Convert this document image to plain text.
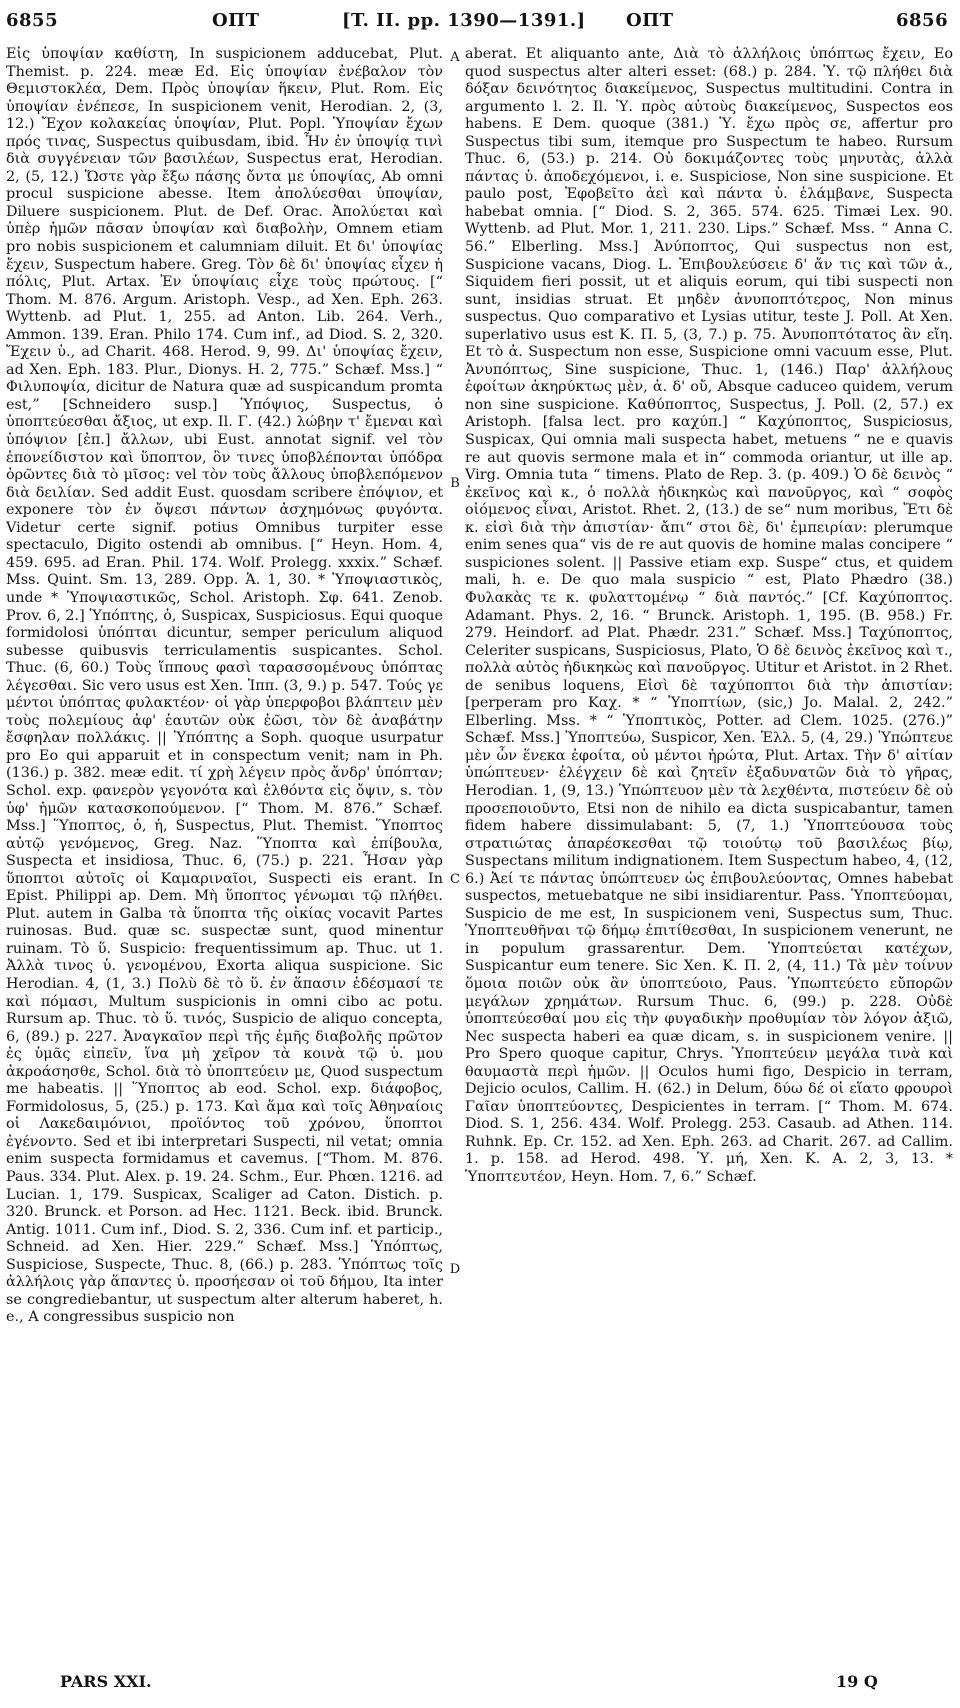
6855	ΟΠΤ	[T. II. pp. 1390—1391.] ΟΠΤ	6856

Εἰς ὑποψίαν καθίστη, In suspicionem adducebat, Plut. Themist. p. 224. meæ Ed. Εἰς ὑποψίαν ἐνέβαλον τὸν Θεμιστοκλέα, Dem. Πρὸς ὑποψίαν ἥκειν, Plut. Rom. Εἰς ὑποψίαν ἐνέπεσε, In suspicionem venit, Herodian. 2, (3, 12.) Ἔχον κολακείας ὑποψίαν, Plut. Popl. Ὑποψίαν ἔχων πρός τινας, Suspectus quibusdam, ibid. Ἦν ἐν ὑποψίᾳ τινὶ διὰ συγγένειαν τῶν βασιλέων, Suspectus erat, Herodian. 2, (5, 12.) Ὥστε γὰρ ἔξω πάσης ὄντα με ὑποψίας, Ab omni procul suspicione abesse. Item ἀπολύεσθαι ὑποψίαν, Diluere suspicionem. Plut. de Def. Orac. Ἀπολύεται καὶ ὑπὲρ ἡμῶν πᾶσαν ὑποψίαν καὶ διαβολὴν, Omnem etiam pro nobis suspicionem et calumniam diluit. Et δι' ὑποψίας ἔχειν, Suspectum habere. Greg. Τὸν δὲ δι' ὑποψίας εἶχεν ἡ πόλις, Plut. Artax. Ἐν ὑποψίαις εἶχε τοὺς πρώτους. [“ Thom. M. 876. Argum. Aristoph. Vesp., ad Xen. Eph. 263. Wyttenb. ad Plut. 1, 255. ad Anton. Lib. 264. Verh., Ammon. 139. Eran. Philo 174. Cum inf., ad Diod. S. 2, 320. Ἔχειν ὑ., ad Charit. 468. Herod. 9, 99. Δι' ὑποψίας ἔχειν, ad Xen. Eph. 183. Plur., Dionys. H. 2, 775.” Schæf. Mss.] “ Φιλυποψία, dicitur de Natura quæ ad suspicandum promta est,” [Schneidero susp.] Ὑπόψιος, Suspectus, ὁ ὑποπτεύεσθαι ἄξιος, ut exp. Il. Γ. (42.) λώβην τ' ἔμεναι καὶ ὑπόψιον [ἐπ.] ἄλλων, ubi Eust. annotat signif. vel τὸν ἐπονείδιστον καὶ ὕποπτον, ὃν τινες ὑποβλέπονται ὑπόδρα ὁρῶντες διὰ τὸ μῖσος: vel τὸν τοὺς ἄλλους ὑποβλεπόμενον διὰ δειλίαν. Sed addit Eust. quosdam scribere ἐπόψιον, et exponere τὸν ἐν ὄψεσι πάντων ἀσχημόνως φυγόντα. Videtur certe signif. potius Omnibus turpiter esse spectaculo, Digito ostendi ab omnibus. [“ Heyn. Hom. 4, 459. 695. ad Eran. Phil. 174. Wolf. Prolegg. xxxix.” Schæf. Mss. Quint. Sm. 13, 289. Opp. Ἁ. 1, 30. * Ὑποψιαστικὸς, unde * Ὑποψιαστικῶς, Schol. Aristoph. Σφ. 641. Zenob. Prov. 6, 2.] Ὑπόπτης, ὁ, Suspicax, Suspiciosus. Equi quoque formidolosi ὑπόπται dicuntur, semper periculum aliquod subesse quibusvis terriculamentis suspicantes. Schol. Thuc. (6, 60.) Τοὺς ἵππους φασὶ ταρασσομένους ὑπόπτας λέγεσθαι. Sic vero usus est Xen. Ἱππ. (3, 9.) p. 547. Τούς γε μέντοι ὑπόπτας φυλακτέον· οἱ γὰρ ὑπερφοβοι βλάπτειν μὲν τοὺς πολεμίους ἀφ' ἑαυτῶν οὐκ ἐῶσι, τὸν δὲ ἀναβάτην ἔσφηλαν πολλάκις. || Ὑπόπτης a Soph. quoque usurpatur pro Eo qui apparuit et in conspectum venit; nam in Ph. (136.) p. 382. meæ edit. τί χρὴ λέγειν πρὸς ἄνδρ' ὑπόπταν; Schol. exp. φανερὸν γεγονότα καὶ ἐλθόντα εἰς ὄψιν, s. τὸν ὑφ' ἡμῶν κατασκοπούμενον. [“ Thom. M. 876.” Schæf. Mss.] Ὕποπτος, ὁ, ἡ, Suspectus, Plut. Themist. Ὕποπτος αὐτῷ γενόμενος, Greg. Naz. Ὕποπτα καὶ ἐπίβουλα, Suspecta et insidiosa, Thuc. 6, (75.) p. 221. Ἦσαν γὰρ ὕποπτοι αὐτοῖς οἱ Καμαριναῖοι, Suspecti eis erant. In Epist. Philippi ap. Dem. Μὴ ὕποπτος γένωμαι τῷ πλήθει. Plut. autem in Galba τὰ ὕποπτα τῆς οἰκίας vocavit Partes ruinosas. Bud. quæ sc. suspectæ sunt, quod minentur ruinam. Τὸ ὕ. Suspicio: frequentissimum ap. Thuc. ut 1. Ἀλλὰ τινος ὑ. γενομένου, Exorta aliqua suspicione. Sic Herodian. 4, (1, 3.) Πολὺ δὲ τὸ ὕ. ἐν ἅπασιν ἐδέσμασί τε καὶ πόμασι, Multum suspicionis in omni cibo ac potu. Rursum ap. Thuc. τὸ ὕ. τινός, Suspicio de aliquo concepta, 6, (89.) p. 227. Ἀναγκαῖον περὶ τῆς ἐμῆς διαβολῆς πρῶτον ἐς ὑμᾶς εἰπεῖν, ἵνα μὴ χεῖρον τὰ κοινὰ τῷ ὑ. μου ἀκροάσησθε, Schol. διὰ τὸ ὑποπτεύειν με, Quod suspectum me habeatis. || Ὕποπτος ab eod. Schol. exp. διάφοβος, Formidolosus, 5, (25.) p. 173. Καὶ ἅμα καὶ τοῖς Ἀθηναίοις οἱ Λακεδαιμόνιοι, προϊόντος τοῦ χρόνου, ὕποπτοι ἐγένοντο. Sed et ibi interpretari Suspecti, nil vetat; omnia enim suspecta formidamus et cavemus. [“Thom. M. 876. Paus. 334. Plut. Alex. p. 19. 24. Schm., Eur. Phœn. 1216. ad Lucian. 1, 179. Suspicax, Scaliger ad Caton. Distich. p. 320. Brunck. et Porson. ad Hec. 1121. Beck. ibid. Brunck. Antig. 1011. Cum inf., Diod. S. 2, 336. Cum inf. et particip., Schneid. ad Xen. Hier. 229.” Schæf. Mss.] Ὑπόπτως, Suspiciose, Suspecte, Thuc. 8, (66.) p. 283. Ὑπόπτως τοῖς ἀλλήλοις γὰρ ἅπαντες ὑ. προσήεσαν οἱ τοῦ δήμου, Ita inter se congrediebantur, ut suspectum alter alterum haberet, h. e., A congressibus suspicio non

A
B
C
D

aberat. Et aliquanto ante, Διὰ τὸ ἀλλήλοις ὑπόπτως ἔχειν, Eo quod suspectus alter alteri esset: (68.) p. 284. Ὑ. τῷ πλήθει διὰ δόξαν δεινότητος διακείμενος, Suspectus multitudini. Contra in argumento l. 2. Il. Ὑ. πρὸς αὐτοὺς διακείμενος, Suspectos eos habens. E Dem. quoque (381.) Ὑ. ἔχω πρὸς σε, affertur pro Suspectus tibi sum, itemque pro Suspectum te habeo. Rursum Thuc. 6, (53.) p. 214. Οὐ δοκιμάζοντες τοὺς μηνυτὰς, ἀλλὰ πάντας ὑ. ἀποδεχόμενοι, i. e. Suspiciose, Non sine suspicione. Et paulo post, Ἐφοβεῖτο ἀεὶ καὶ πάντα ὑ. ἐλάμβανε, Suspecta habebat omnia. [“ Diod. S. 2, 365. 574. 625. Timæi Lex. 90. Wyttenb. ad Plut. Mor. 1, 211. 230. Lips.” Schæf. Mss. “ Anna C. 56.” Elberling. Mss.] Ἀνύποπτος, Qui suspectus non est, Suspicione vacans, Diog. L. Ἐπιβουλεύσειε δ' ἄν τις καὶ τῶν ἀ., Siquidem fieri possit, ut et aliquis eorum, qui tibi suspecti non sunt, insidias struat. Et μηδὲν ἀνυποπτότερος, Non minus suspectus. Quo comparativo et Lysias utitur, teste J. Poll. At Xen. superlativo usus est Κ. Π. 5, (3, 7.) p. 75. Ἀνυποπτότατος ἂν εἴη. Et τὸ ἀ. Suspectum non esse, Suspicione omni vacuum esse, Plut. Ἀνυπόπτως, Sine suspicione, Thuc. 1, (146.) Παρ' ἀλλήλους ἐφοίτων ἀκηρύκτως μὲν, ἀ. δ' οὔ, Absque caduceo quidem, verum non sine suspicione. Καθύποπτος, Suspectus, J. Poll. (2, 57.) ex Aristoph. [falsa lect. pro καχύπ.] “ Καχύποπτος, Suspiciosus, Suspicax, Qui omnia mali suspecta habet, metuens “ ne e quavis re aut quovis sermone mala et in“ commoda oriantur, ut ille ap. Virg. Omnia tuta “ timens. Plato de Rep. 3. (p. 409.) Ὁ δὲ δεινὸς “ ἐκεῖνος καὶ κ., ὁ πολλὰ ἠδικηκὼς καὶ πανοῦργος, καὶ “ σοφὸς οἰόμενος εἶναι, Aristot. Rhet. 2, (13.) de se“ num moribus, Ἔτι δὲ κ. εἰσὶ διὰ τὴν ἀπιστίαν· ἄπι“ στοι δὲ, δι' ἐμπειρίαν: plerumque enim senes qua“ vis de re aut quovis de homine malas concipere “ suspiciones solent. || Passive etiam exp. Suspe“ ctus, et quidem mali, h. e. De quo mala suspicio “ est, Plato Phædro (38.) Φυλακὰς τε κ. φυλαττομένῳ “ διὰ παντός.” [Cf. Καχύποπτος. Adamant. Phys. 2, 16. “ Brunck. Aristoph. 1, 195. (B. 958.) Fr. 279. Heindorf. ad Plat. Phædr. 231.” Schæf. Mss.] Ταχύποπτος, Celeriter suspicans, Suspiciosus, Plato, Ὁ δὲ δεινὸς ἐκεῖνος καὶ τ., πολλὰ αὐτὸς ἠδικηκὼς καὶ πανοῦργος. Utitur et Aristot. in 2 Rhet. de senibus loquens, Εἰσὶ δὲ ταχύποπτοι διὰ τὴν ἀπιστίαν: [perperam pro Καχ. * “ Ὑποπτίων, (sic,) Jo. Malal. 2, 242.” Elberling. Mss. * “ Ὑποπτικὸς, Potter. ad Clem. 1025. (276.)” Schæf. Mss.] Ὑποπτεύω, Suspicor, Xen. Ἑλλ. 5, (4, 29.) Ὑπώπτευε μὲν ὧν ἕνεκα ἐφοίτα, οὐ μέντοι ἠρώτα, Plut. Artax. Τὴν δ' αἰτίαν ὑπώπτευεν· ἐλέγχειν δὲ καὶ ζητεῖν ἐξαδυνατῶν διὰ τὸ γῆρας, Herodian. 1, (9, 13.) Ὑπώπτευον μὲν τὰ λεχθέντα, πιστεύειν δὲ οὐ προσεποιοῦντο, Etsi non de nihilo ea dicta suspicabantur, tamen fidem habere dissimulabant: 5, (7, 1.) Ὑποπτεύουσα τοὺς στρατιώτας ἀπαρέσκεσθαι τῷ τοιούτῳ τοῦ βασιλέως βίῳ, Suspectans militum indignationem. Item Suspectum habeo, 4, (12, 6.) Ἀεί τε πάντας ὑπώπτευεν ὡς ἐπιβουλεύοντας, Omnes habebat suspectos, metuebatque ne sibi insidiarentur. Pass. Ὑποπτεύομαι, Suspicio de me est, In suspicionem veni, Suspectus sum, Thuc. Ὑποπτευθῆναι τῷ δήμῳ ἐπιτίθεσθαι, In suspicionem venerunt, ne in populum grassarentur. Dem. Ὑποπτεύεται κατέχων, Suspicantur eum tenere. Sic Xen. Κ. Π. 2, (4, 11.) Τὰ μὲν τοίνυν ὅμοια ποιῶν οὐκ ἂν ὑποπτεύοιο, Paus. Ὑπωπτεύετο εὔπορῶν μεγάλων χρημάτων. Rursum Thuc. 6, (99.) p. 228. Οὐδὲ ὑποπτεύεσθαί μου εἰς τὴν φυγαδικὴν προθυμίαν τὸν λόγον ἀξιῶ, Nec suspecta haberi ea quæ dicam, s. in suspicionem venire. || Pro Spero quoque capitur, Chrys. Ὑποπτεύειν μεγάλα τινὰ καὶ θαυμαστὰ περὶ ἡμῶν. || Oculos humi figo, Despicio in terram, Dejicio oculos, Callim. H. (62.) in Delum, δύω δέ οἱ εἵατο φρουροὶ Γαῖαν ὑποπτεύοντες, Despicientes in terram. [“ Thom. M. 674. Diod. S. 1, 256. 434. Wolf. Prolegg. 253. Casaub. ad Athen. 114. Ruhnk. Ep. Cr. 152. ad Xen. Eph. 263. ad Charit. 267. ad Callim. 1. p. 158. ad Herod. 498. Ὑ. μή, Xen. Κ. Α. 2, 3, 13. * Ὑποπτευτέον, Heyn. Hom. 7, 6.” Schæf.

PARS XXI.	19 Q
